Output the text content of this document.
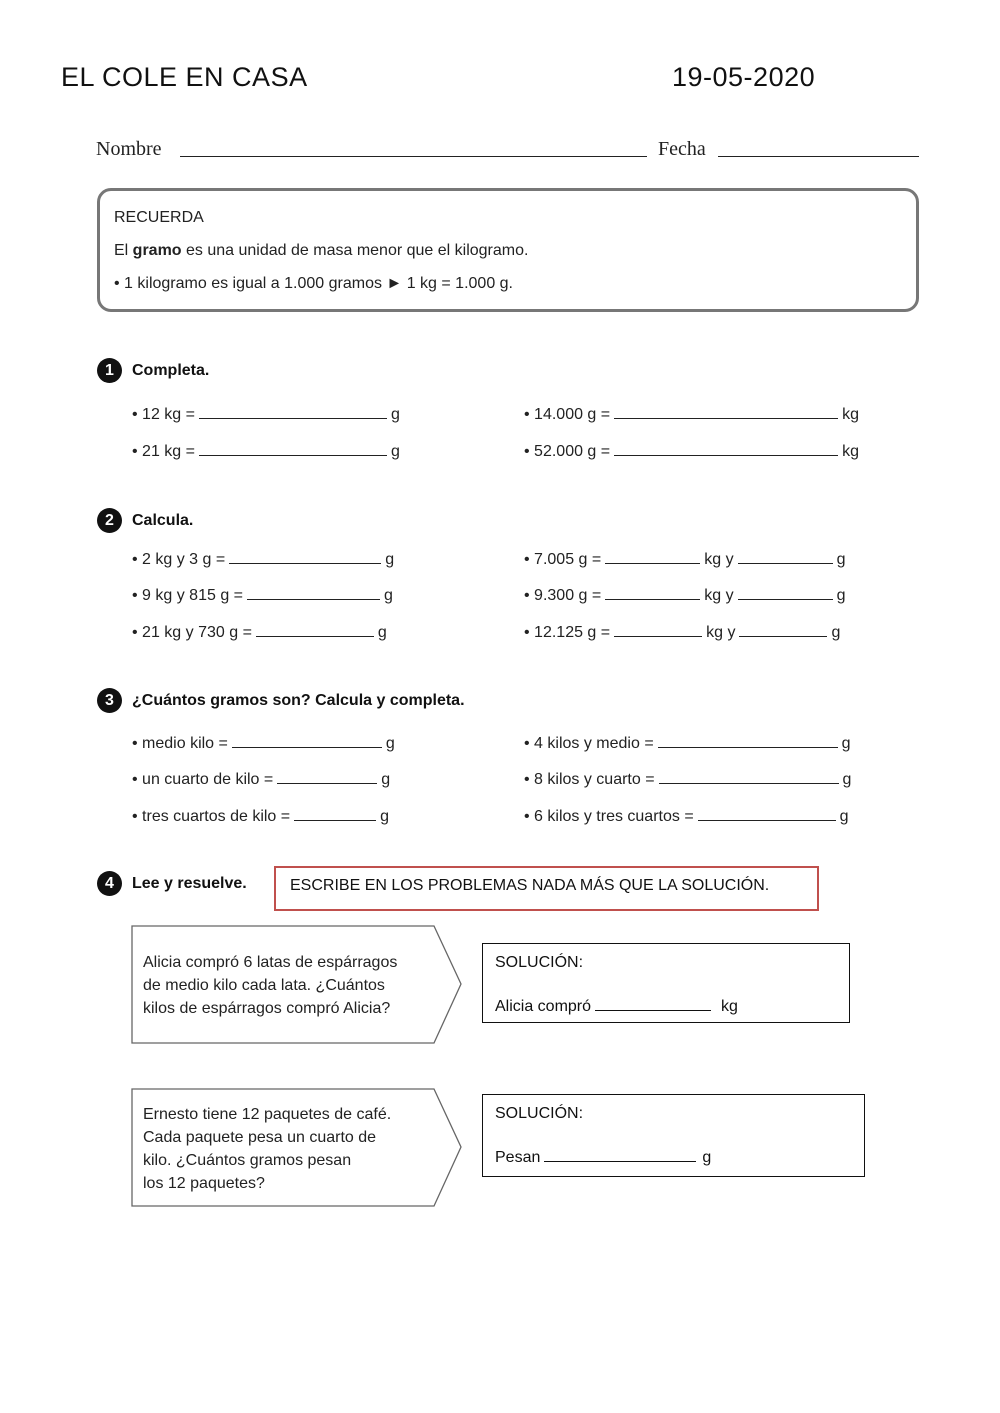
EL COLE EN CASA	19-05-2020
Nombre	Fecha
RECUERDA
El gramo es una unidad de masa menor que el kilogramo.
• 1 kilogramo es igual a 1.000 gramos ► 1 kg = 1.000 g.
1	Completa.
• 12 kg =	g
• 21 kg =	g
• 14.000 g =	kg
• 52.000 g =	kg
2	Calcula.
• 2 kg y 3 g =	g
• 9 kg y 815 g =	g
• 21 kg y 730 g =	g
• 7.005 g =	kg y	g
• 9.300 g =	kg y	g
• 12.125 g =	kg y	g
3	¿Cuántos gramos son? Calcula y completa.
• medio kilo =	g
• un cuarto de kilo =	g
• tres cuartos de kilo =	g
• 4 kilos y medio =	g
• 8 kilos y cuarto =	g
• 6 kilos y tres cuartos =	g
4	Lee y resuelve.	ESCRIBE EN LOS PROBLEMAS NADA MÁS QUE LA SOLUCIÓN.
Alicia compró 6 latas de espárragos
de medio kilo cada lata. ¿Cuántos
kilos de espárragos compró Alicia?
SOLUCIÓN:
Alicia compró	kg
Ernesto tiene 12 paquetes de café.
Cada paquete pesa un cuarto de
kilo. ¿Cuántos gramos pesan
los 12 paquetes?
SOLUCIÓN:
Pesan	g
